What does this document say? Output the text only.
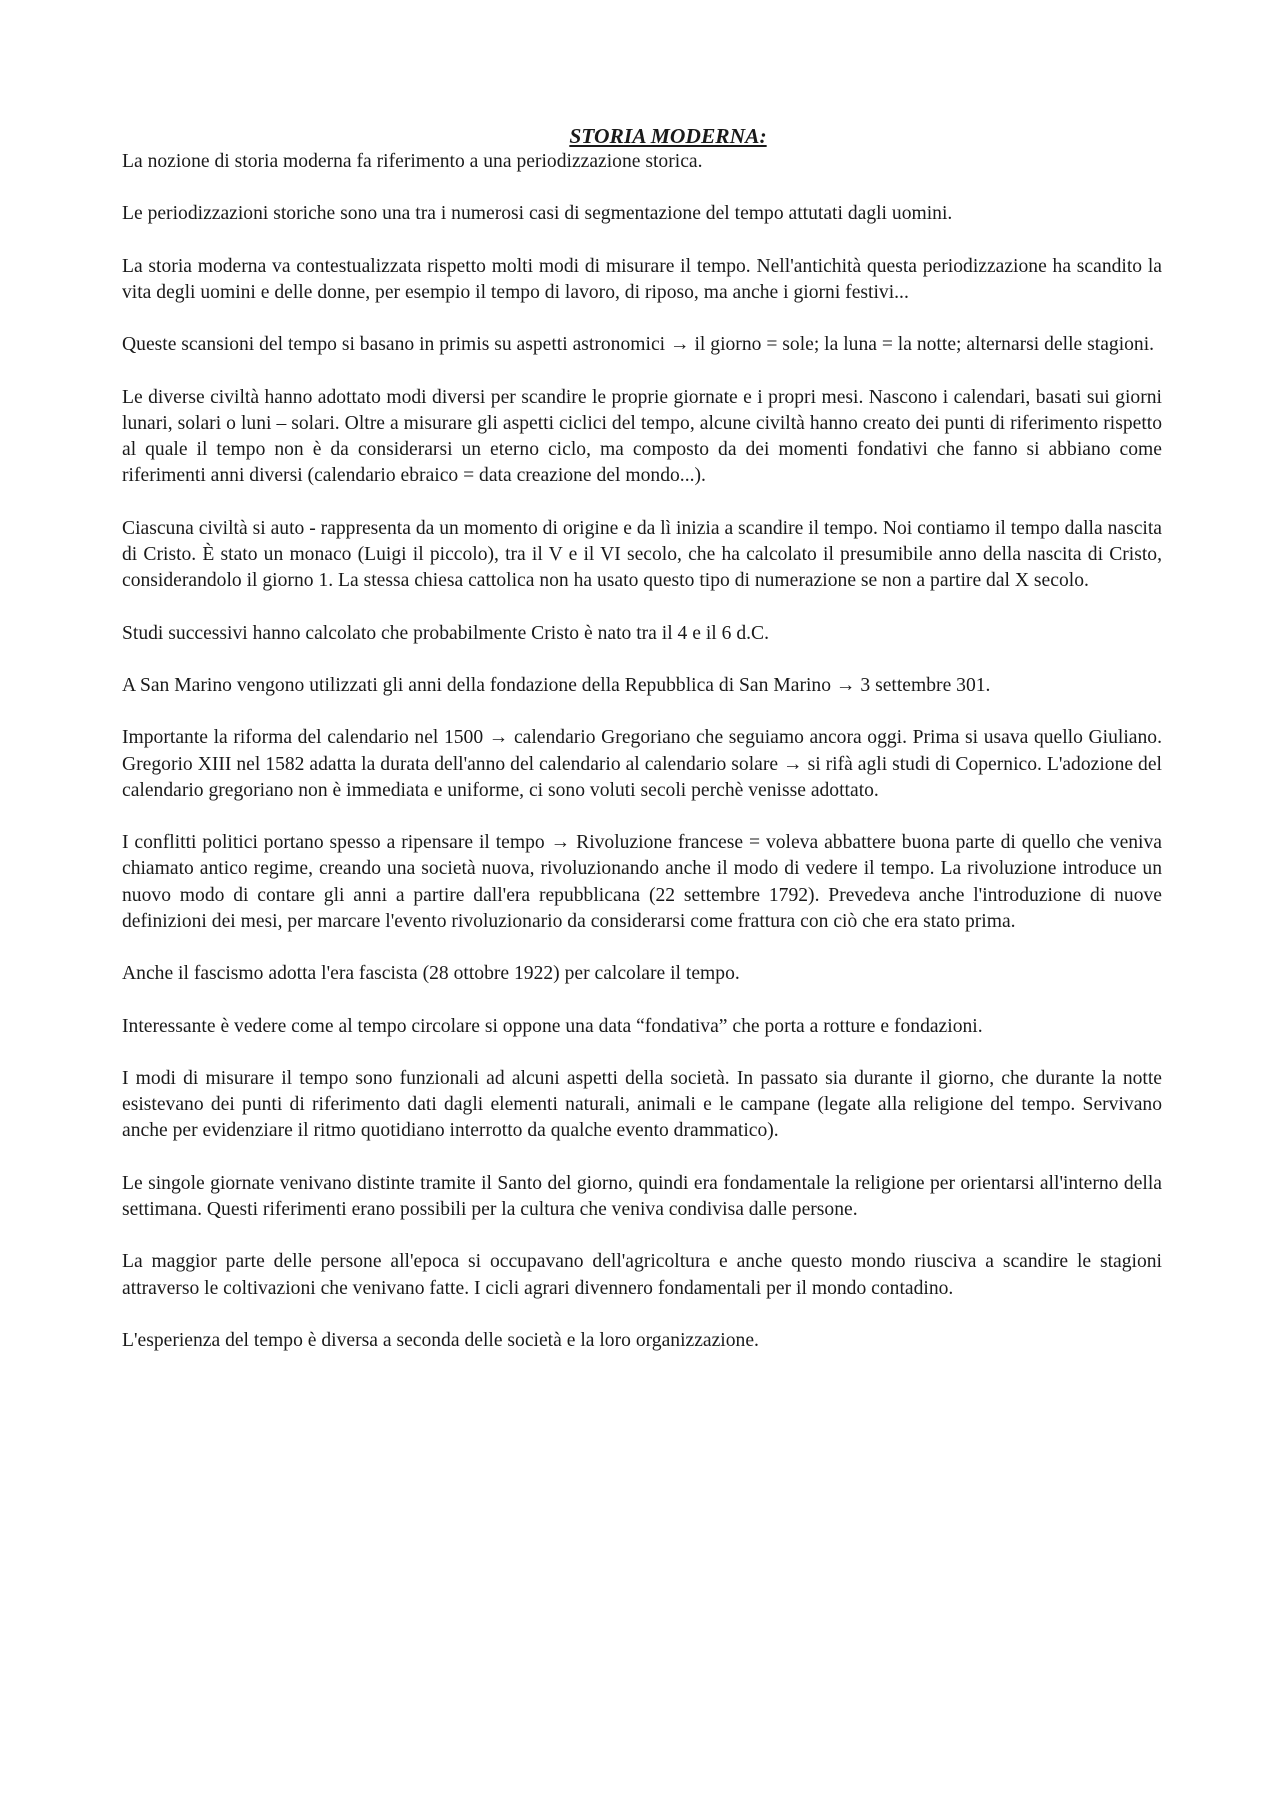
STORIA MODERNA:

La nozione di storia moderna fa riferimento a una periodizzazione storica.

Le periodizzazioni storiche sono una tra i numerosi casi di segmentazione del tempo attutati dagli uomini.

La storia moderna va contestualizzata rispetto molti modi di misurare il tempo. Nell'antichità questa periodizzazione ha scandito la vita degli uomini e delle donne, per esempio il tempo di lavoro, di riposo, ma anche i giorni festivi...

Queste scansioni del tempo si basano in primis su aspetti astronomici → il giorno = sole; la luna = la notte; alternarsi delle stagioni.

Le diverse civiltà hanno adottato modi diversi per scandire le proprie giornate e i propri mesi. Nascono i calendari, basati sui giorni lunari, solari o luni – solari. Oltre a misurare gli aspetti ciclici del tempo, alcune civiltà hanno creato dei punti di riferimento rispetto al quale il tempo non è da considerarsi un eterno ciclo, ma composto da dei momenti fondativi che fanno si abbiano come riferimenti anni diversi (calendario ebraico = data creazione del mondo...).

Ciascuna civiltà si auto - rappresenta da un momento di origine e da lì inizia a scandire il tempo. Noi contiamo il tempo dalla nascita di Cristo. È stato un monaco (Luigi il piccolo), tra il V e il VI secolo, che ha calcolato il presumibile anno della nascita di Cristo, considerandolo il giorno 1. La stessa chiesa cattolica non ha usato questo tipo di numerazione se non a partire dal X secolo.

Studi successivi hanno calcolato che probabilmente Cristo è nato tra il 4 e il 6 d.C.

A San Marino vengono utilizzati gli anni della fondazione della Repubblica di San Marino → 3 settembre 301.

Importante la riforma del calendario nel 1500 → calendario Gregoriano che seguiamo ancora oggi. Prima si usava quello Giuliano. Gregorio XIII nel 1582 adatta la durata dell'anno del calendario al calendario solare → si rifà agli studi di Copernico. L'adozione del calendario gregoriano non è immediata e uniforme, ci sono voluti secoli perchè venisse adottato.

I conflitti politici portano spesso a ripensare il tempo → Rivoluzione francese = voleva abbattere buona parte di quello che veniva chiamato antico regime, creando una società nuova, rivoluzionando anche il modo di vedere il tempo. La rivoluzione introduce un nuovo modo di contare gli anni a partire dall'era repubblicana (22 settembre 1792). Prevedeva anche l'introduzione di nuove definizioni dei mesi, per marcare l'evento rivoluzionario da considerarsi come frattura con ciò che era stato prima.

Anche il fascismo adotta l'era fascista (28 ottobre 1922) per calcolare il tempo.

Interessante è vedere come al tempo circolare si oppone una data “fondativa” che porta a rotture e fondazioni.

I modi di misurare il tempo sono funzionali ad alcuni aspetti della società. In passato sia durante il giorno, che durante la notte esistevano dei punti di riferimento dati dagli elementi naturali, animali e le campane (legate alla religione del tempo. Servivano anche per evidenziare il ritmo quotidiano interrotto da qualche evento drammatico).

Le singole giornate venivano distinte tramite il Santo del giorno, quindi era fondamentale la religione per orientarsi all'interno della settimana. Questi riferimenti erano possibili per la cultura che veniva condivisa dalle persone.

La maggior parte delle persone all'epoca si occupavano dell'agricoltura e anche questo mondo riusciva a scandire le stagioni attraverso le coltivazioni che venivano fatte. I cicli agrari divennero fondamentali per il mondo contadino.

L'esperienza del tempo è diversa a seconda delle società e la loro organizzazione.
